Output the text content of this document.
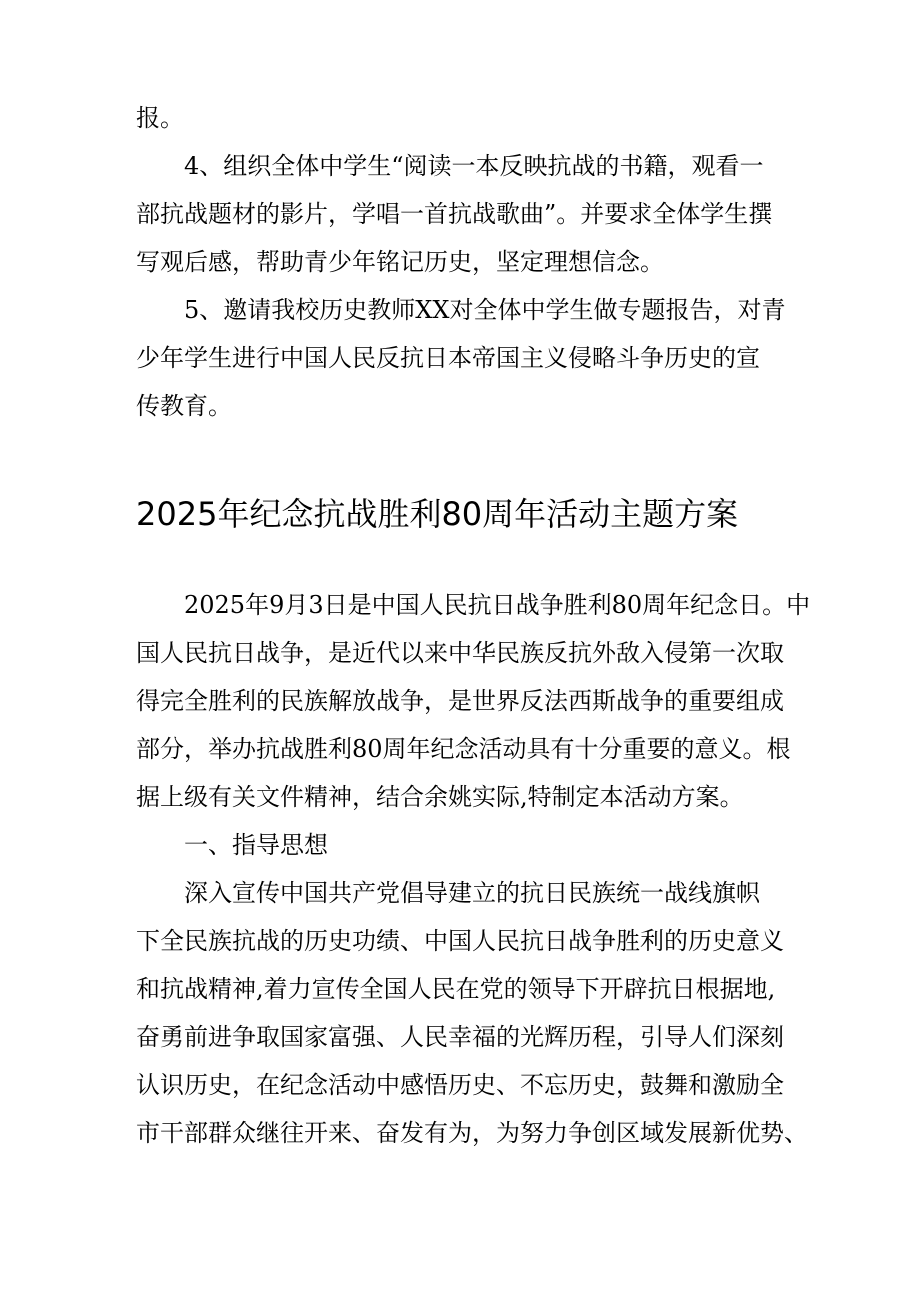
报。
4、组织全体中学生“阅读一本反映抗战的书籍，观看一
部抗战题材的影片，学唱一首抗战歌曲”。并要求全体学生撰
写观后感，帮助青少年铭记历史，坚定理想信念。
5、邀请我校历史教师XX对全体中学生做专题报告，对青
少年学生进行中国人民反抗日本帝国主义侵略斗争历史的宣
传教育。
2025年纪念抗战胜利80周年活动主题方案
2025年9月3日是中国人民抗日战争胜利80周年纪念日。中
国人民抗日战争，是近代以来中华民族反抗外敌入侵第一次取
得完全胜利的民族解放战争，是世界反法西斯战争的重要组成
部分，举办抗战胜利80周年纪念活动具有十分重要的意义。根
据上级有关文件精神，结合余姚实际,特制定本活动方案。
一、指导思想
深入宣传中国共产党倡导建立的抗日民族统一战线旗帜
下全民族抗战的历史功绩、中国人民抗日战争胜利的历史意义
和抗战精神,着力宣传全国人民在党的领导下开辟抗日根据地,
奋勇前进争取国家富强、人民幸福的光辉历程，引导人们深刻
认识历史，在纪念活动中感悟历史、不忘历史，鼓舞和激励全
市干部群众继往开来、奋发有为，为努力争创区域发展新优势、
